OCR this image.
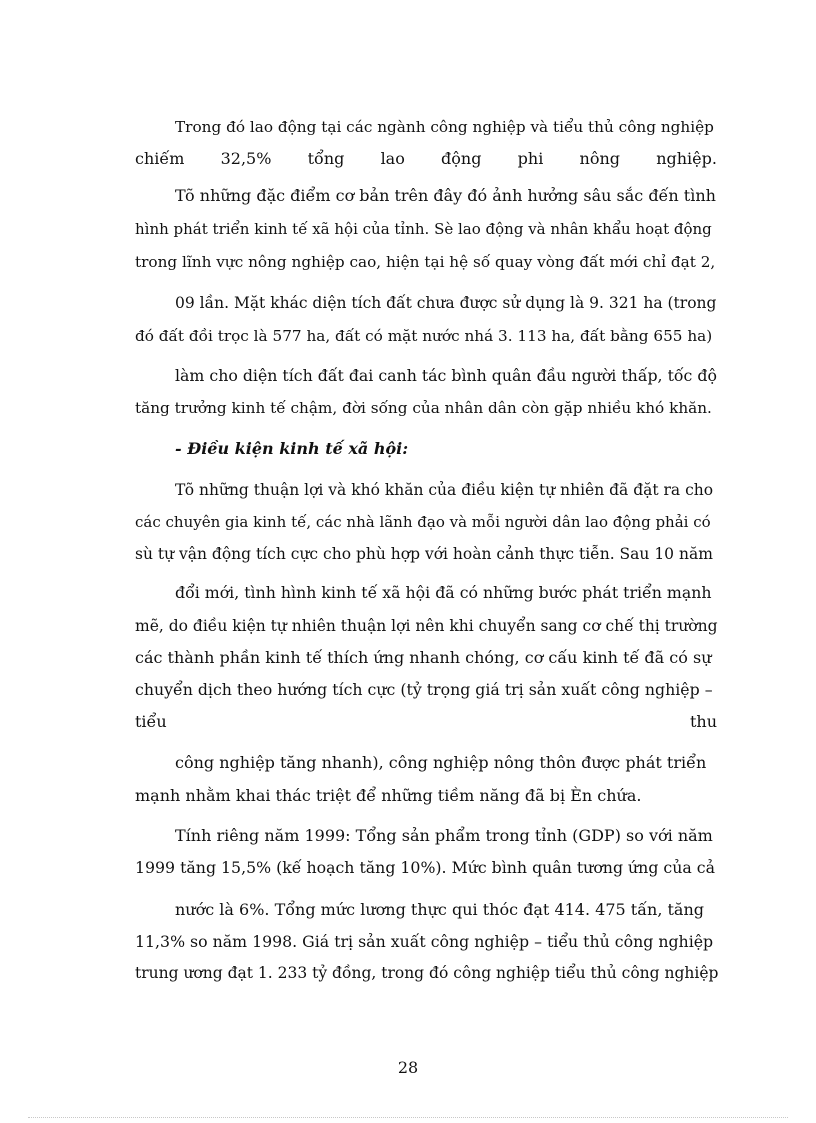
Trong đó lao động tại các ngành công nghiệp và tiểu thủ công nghiệp
chiếm 32,5% tổng lao động phi nông nghiệp.
Tõ những đặc điểm cơ bản trên đây đó ảnh hưởng sâu sắc đến tình
hình phát triển kinh tế xã hội của tỉnh. Sè lao động và nhân khẩu hoạt động
trong lĩnh vực nông nghiệp cao, hiện tại hệ số quay vòng đất mới chỉ đạt 2,
09 lần. Mặt khác diện tích đất chưa được sử dụng là 9. 321 ha (trong
đó đất đồi trọc là 577 ha, đất có mặt nước nhá 3. 113 ha, đất bằng 655 ha)
làm cho diện tích đất đai canh tác bình quân đầu người thấp, tốc độ
tăng trưởng kinh tế chậm, đời sống của nhân dân còn gặp nhiều khó khăn.
- Điều kiện kinh tế xã hội:
Tõ những thuận lợi và khó khăn của điều kiện tự nhiên đã đặt ra cho
các chuyên gia kinh tế, các nhà lãnh đạo và mỗi người dân lao động phải có
sù tự vận động tích cực cho phù hợp với hoàn cảnh thực tiễn. Sau 10 năm
đổi mới, tình hình kinh tế xã hội đã có những bước phát triển mạnh
mẽ, do điều kiện tự nhiên thuận lợi nên khi chuyển sang cơ chế thị trường
các thành phần kinh tế thích ứng nhanh chóng, cơ cấu kinh tế đã có sự
chuyển dịch theo hướng tích cực (tỷ trọng giá trị sản xuất công nghiệp –
tiểu	thu
công nghiệp tăng nhanh), công nghiệp nông thôn được phát triển
mạnh nhằm khai thác triệt để những tiềm năng đã bị Èn chứa.
Tính riêng năm 1999: Tổng sản phẩm trong tỉnh (GDP) so với năm
1999 tăng 15,5% (kế hoạch tăng 10%). Mức bình quân tương ứng của cả
nước là 6%. Tổng mức lương thực qui thóc đạt 414. 475 tấn, tăng
11,3% so năm 1998. Giá trị sản xuất công nghiệp – tiểu thủ công nghiệp
trung ương đạt 1. 233 tỷ đồng, trong đó công nghiệp tiểu thủ công nghiệp
28
